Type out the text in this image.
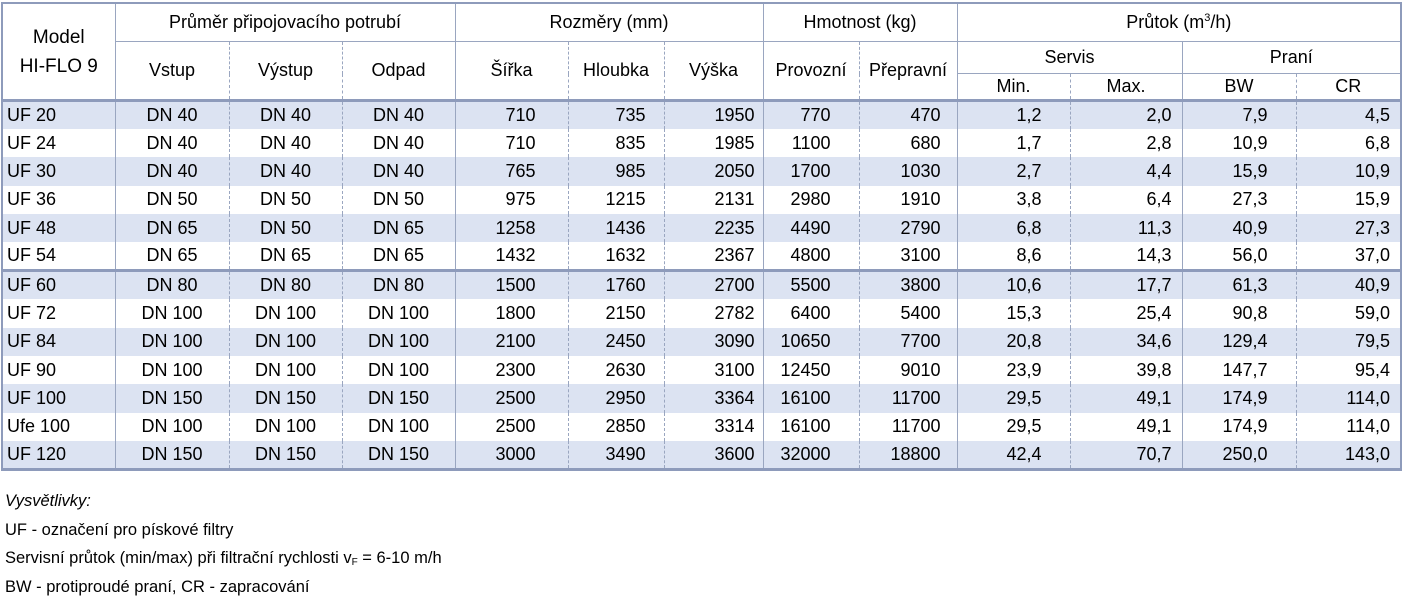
Model
HI-FLO 9	Průměr připojovacího potrubí			Rozměry (mm)			Hmotnost (kg)		Průtok $(m^3/h)$			
	Vstup	Výstup	Odpad	Šířka	Hloubka	Výška	Provozní	Přepravní	Servis		Praní	
									Min.	Max.	BW	CR
UF 20	DN 40	DN 40	DN 40	710	735	1950	770	470	1,2	2,0	7,9	4,5
UF 24	DN 40	DN 40	DN 40	710	835	1985	1100	680	1,7	2,8	10,9	6,8
UF 30	DN 40	DN 40	DN 40	765	985	2050	1700	1030	2,7	4,4	15,9	10,9
UF 36	DN 50	DN 50	DN 50	975	1215	2131	2980	1910	3,8	6,4	27,3	15,9
UF 48	DN 65	DN 50	DN 65	1258	1436	2235	4490	2790	6,8	11,3	40,9	27,3
UF 54	DN 65	DN 65	DN 65	1432	1632	2367	4800	3100	8,6	14,3	56,0	37,0
UF 60	DN 80	DN 80	DN 80	1500	1760	2700	5500	3800	10,6	17,7	61,3	40,9
UF 72	DN 100	DN 100	DN 100	1800	2150	2782	6400	5400	15,3	25,4	90,8	59,0
UF 84	DN 100	DN 100	DN 100	2100	2450	3090	10650	7700	20,8	34,6	129,4	79,5
UF 90	DN 100	DN 100	DN 100	2300	2630	3100	12450	9010	23,9	39,8	147,7	95,4
UF 100	DN 150	DN 150	DN 150	2500	2950	3364	16100	11700	29,5	49,1	174,9	114,0
Ufe 100	DN 100	DN 100	DN 100	2500	2850	3314	16100	11700	29,5	49,1	174,9	114,0
UF 120	DN 150	DN 150	DN 150	3000	3490	3600	32000	18800	42,4	70,7	250,0	143,0
Vysvětlivky:
UF - označení pro pískové filtry
Servisní průtok (min/max) při filtrační rychlosti $v_F = 6-10$ m/h
BW - protiproudé praní, CR - zapracování
